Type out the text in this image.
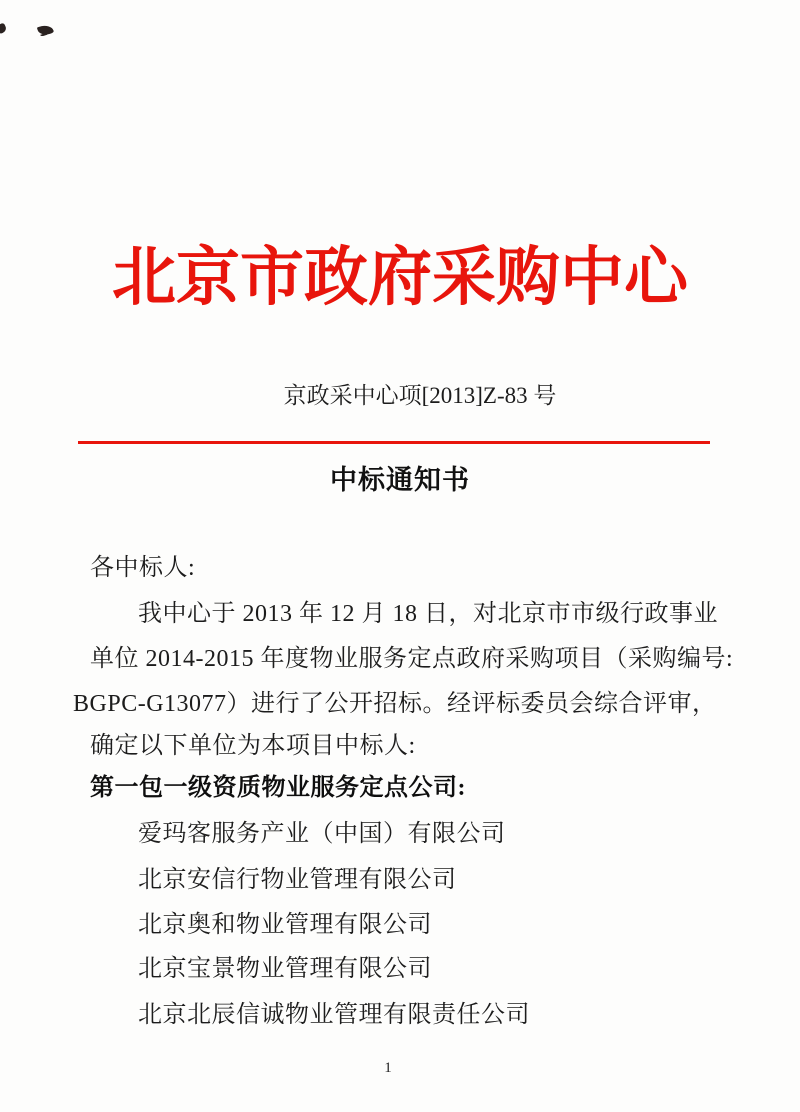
北京市政府采购中心
京政采中心项[2013]Z-83 号
中标通知书
各中标人:
我中心于 2013 年 12 月 18 日，对北京市市级行政事业
单位 2014-2015 年度物业服务定点政府采购项目（采购编号:
BGPC-G13077）进行了公开招标。经评标委员会综合评审，
确定以下单位为本项目中标人:
第一包一级资质物业服务定点公司:
爱玛客服务产业（中国）有限公司
北京安信行物业管理有限公司
北京奥和物业管理有限公司
北京宝景物业管理有限公司
北京北辰信诚物业管理有限责任公司
1
